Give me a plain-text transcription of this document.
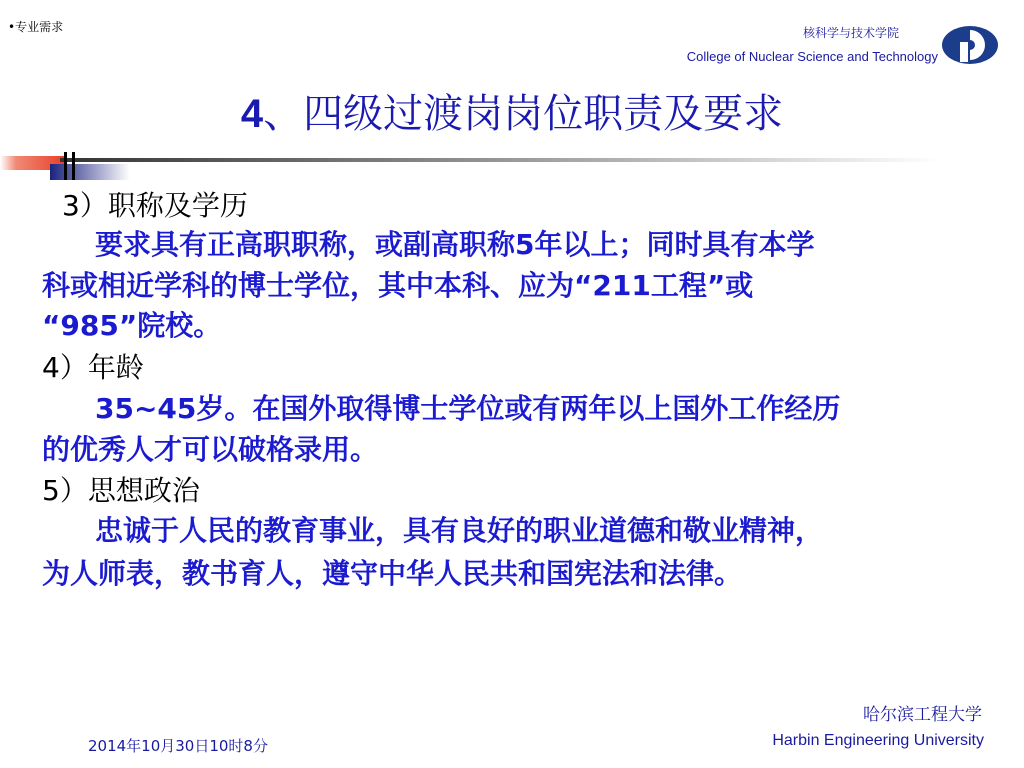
•专业需求	核科学与技术学院
College of Nuclear Science and Technology
4、四级过渡岗岗位职责及要求
3）职称及学历
要求具有正高职职称，或副高职称5年以上；同时具有本学
科或相近学科的博士学位，其中本科、应为“211工程”或
“985”院校。
4）年龄
35~45岁。在国外取得博士学位或有两年以上国外工作经历
的优秀人才可以破格录用。
5）思想政治
忠诚于人民的教育事业，具有良好的职业道德和敬业精神，
为人师表，教书育人，遵守中华人民共和国宪法和法律。
哈尔滨工程大学
Harbin Engineering University
2014年10月30日10时8分
